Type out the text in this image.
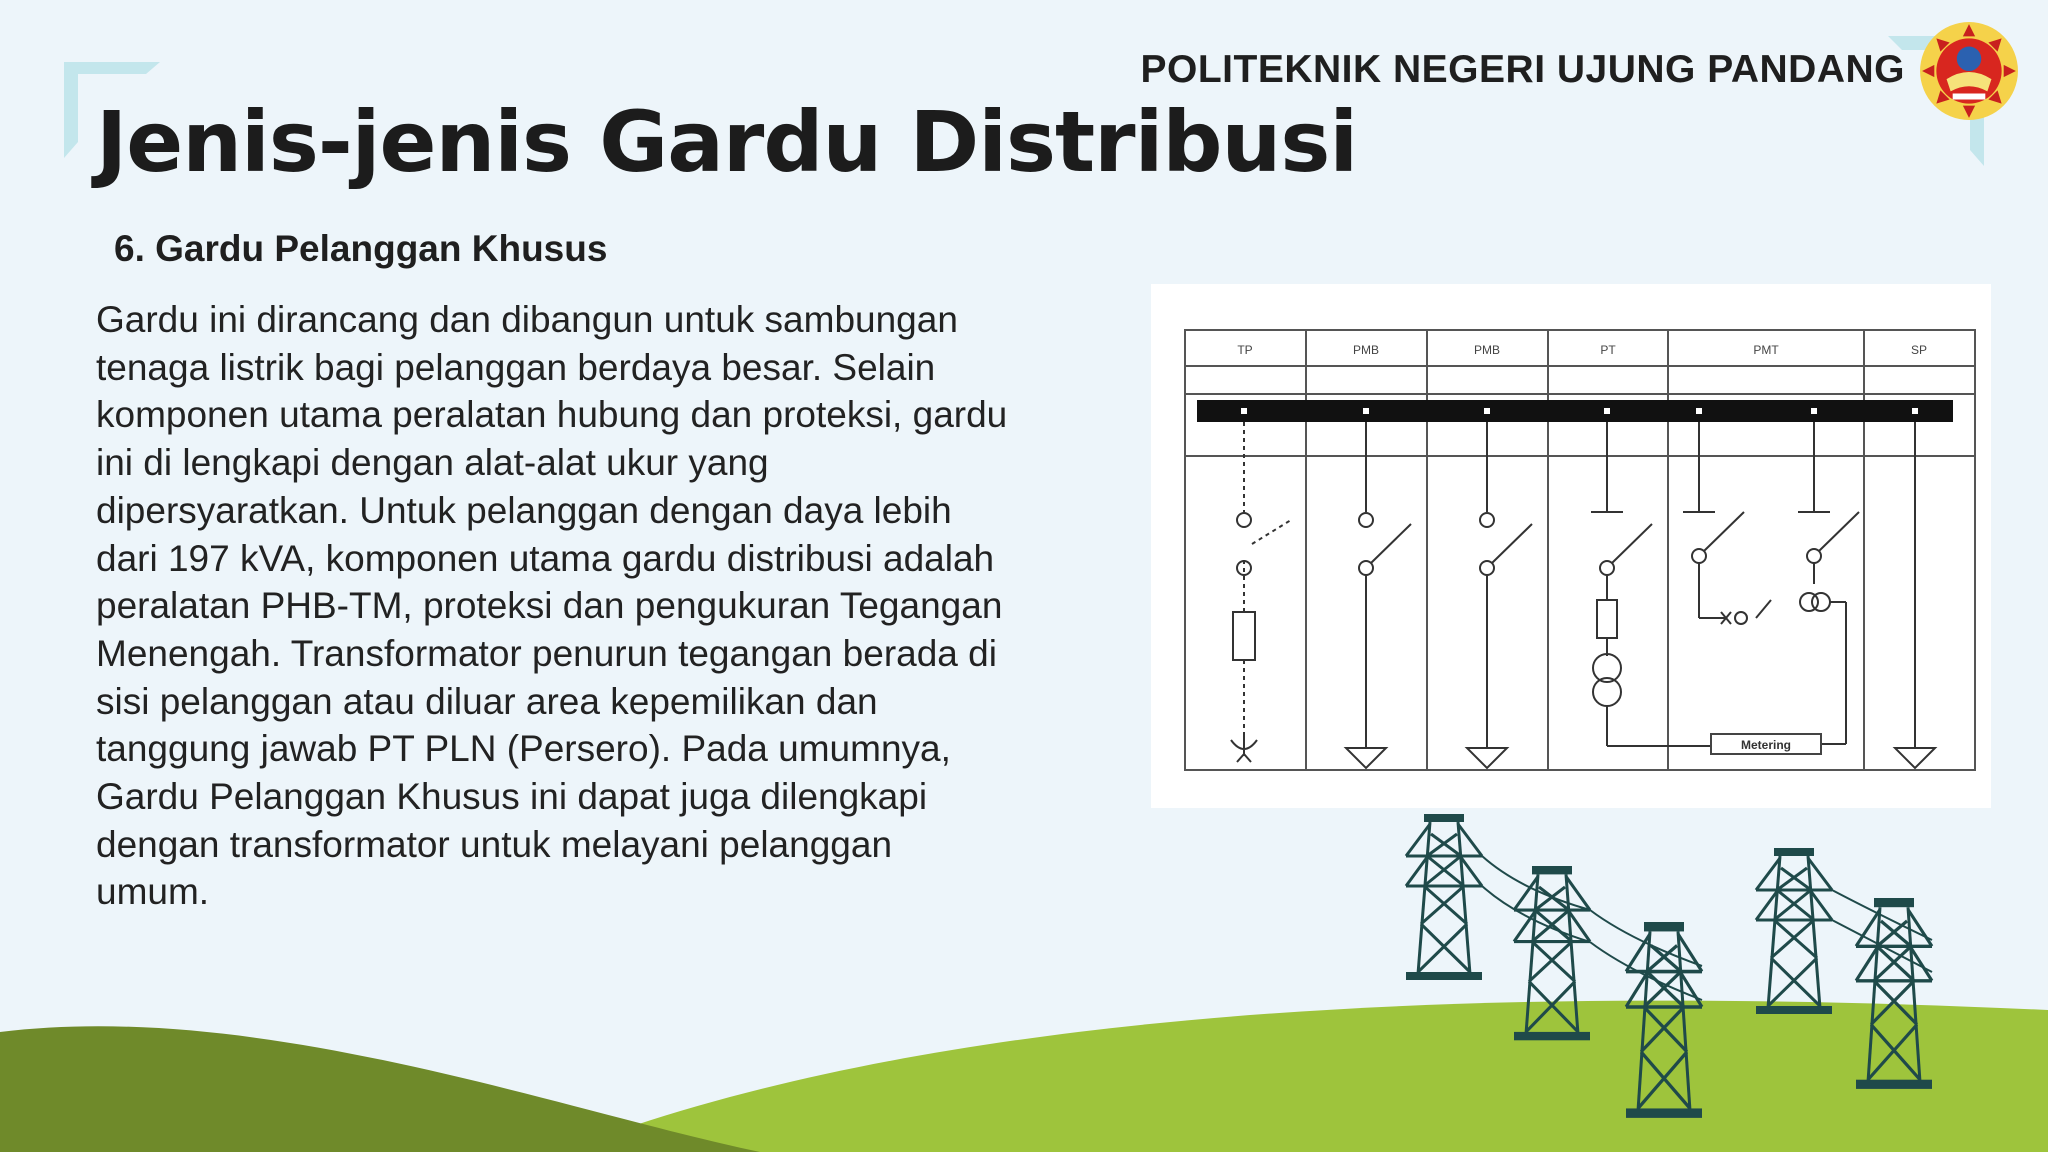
POLITEKNIK NEGERI UJUNG PANDANG
Jenis-jenis Gardu Distribusi
6. Gardu Pelanggan Khusus

Gardu ini dirancang dan dibangun untuk sambungan
tenaga listrik bagi pelanggan berdaya besar. Selain
komponen utama peralatan hubung dan proteksi, gardu
ini di lengkapi dengan alat-alat ukur yang
dipersyaratkan. Untuk pelanggan dengan daya lebih
dari 197 kVA, komponen utama gardu distribusi adalah
peralatan PHB-TM, proteksi dan pengukuran Tegangan
Menengah. Transformator penurun tegangan berada di
sisi pelanggan atau diluar area kepemilikan dan
tanggung jawab PT PLN (Persero). Pada umumnya,
Gardu Pelanggan Khusus ini dapat juga dilengkapi
dengan transformator untuk melayani pelanggan
umum.

TP	PMB	PMB	PT	PMT	SP
Metering
